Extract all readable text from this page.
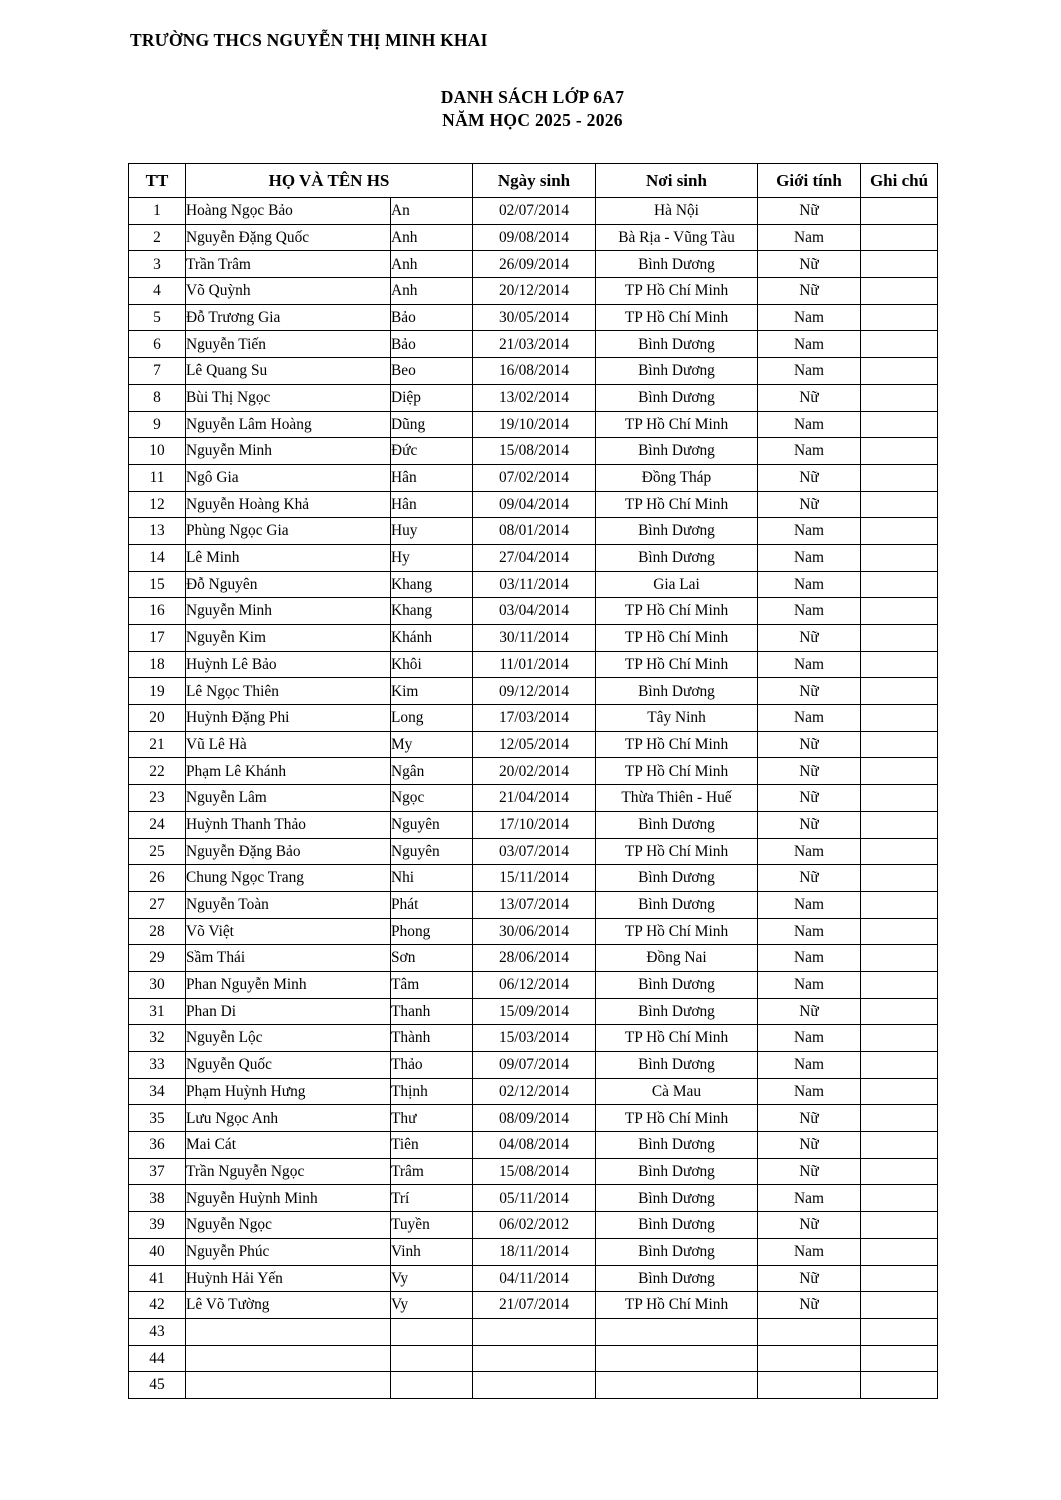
TRƯỜNG THCS NGUYỄN THỊ MINH KHAI
DANH SÁCH LỚP 6A7
NĂM HỌC 2025 - 2026
TT	HỌ VÀ TÊN HS		Ngày sinh	Nơi sinh	Giới tính	Ghi chú
1	Hoàng Ngọc Bảo	An	02/07/2014	Hà Nội	Nữ	
2	Nguyễn Đặng Quốc	Anh	09/08/2014	Bà Rịa - Vũng Tàu	Nam	
3	Trần Trâm	Anh	26/09/2014	Bình Dương	Nữ	
4	Võ Quỳnh	Anh	20/12/2014	TP Hồ Chí Minh	Nữ	
5	Đỗ Trương Gia	Bảo	30/05/2014	TP Hồ Chí Minh	Nam	
6	Nguyễn Tiến	Bảo	21/03/2014	Bình Dương	Nam	
7	Lê Quang Su	Beo	16/08/2014	Bình Dương	Nam	
8	Bùi Thị Ngọc	Diệp	13/02/2014	Bình Dương	Nữ	
9	Nguyễn Lâm Hoàng	Dũng	19/10/2014	TP Hồ Chí Minh	Nam	
10	Nguyễn Minh	Đức	15/08/2014	Bình Dương	Nam	
11	Ngô Gia	Hân	07/02/2014	Đồng Tháp	Nữ	
12	Nguyễn Hoàng Khả	Hân	09/04/2014	TP Hồ Chí Minh	Nữ	
13	Phùng Ngọc Gia	Huy	08/01/2014	Bình Dương	Nam	
14	Lê Minh	Hy	27/04/2014	Bình Dương	Nam	
15	Đỗ Nguyên	Khang	03/11/2014	Gia Lai	Nam	
16	Nguyễn Minh	Khang	03/04/2014	TP Hồ Chí Minh	Nam	
17	Nguyễn Kim	Khánh	30/11/2014	TP Hồ Chí Minh	Nữ	
18	Huỳnh Lê Bảo	Khôi	11/01/2014	TP Hồ Chí Minh	Nam	
19	Lê Ngọc Thiên	Kim	09/12/2014	Bình Dương	Nữ	
20	Huỳnh Đặng Phi	Long	17/03/2014	Tây Ninh	Nam	
21	Vũ Lê Hà	My	12/05/2014	TP Hồ Chí Minh	Nữ	
22	Phạm Lê Khánh	Ngân	20/02/2014	TP Hồ Chí Minh	Nữ	
23	Nguyễn Lâm	Ngọc	21/04/2014	Thừa Thiên - Huế	Nữ	
24	Huỳnh Thanh Thảo	Nguyên	17/10/2014	Bình Dương	Nữ	
25	Nguyễn Đặng Bảo	Nguyên	03/07/2014	TP Hồ Chí Minh	Nam	
26	Chung Ngọc Trang	Nhi	15/11/2014	Bình Dương	Nữ	
27	Nguyễn Toàn	Phát	13/07/2014	Bình Dương	Nam	
28	Võ Việt	Phong	30/06/2014	TP Hồ Chí Minh	Nam	
29	Sầm Thái	Sơn	28/06/2014	Đồng Nai	Nam	
30	Phan Nguyễn Minh	Tâm	06/12/2014	Bình Dương	Nam	
31	Phan Di	Thanh	15/09/2014	Bình Dương	Nữ	
32	Nguyễn Lộc	Thành	15/03/2014	TP Hồ Chí Minh	Nam	
33	Nguyễn Quốc	Thảo	09/07/2014	Bình Dương	Nam	
34	Phạm Huỳnh Hưng	Thịnh	02/12/2014	Cà Mau	Nam	
35	Lưu Ngọc Anh	Thư	08/09/2014	TP Hồ Chí Minh	Nữ	
36	Mai Cát	Tiên	04/08/2014	Bình Dương	Nữ	
37	Trần Nguyễn Ngọc	Trâm	15/08/2014	Bình Dương	Nữ	
38	Nguyễn Huỳnh Minh	Trí	05/11/2014	Bình Dương	Nam	
39	Nguyễn Ngọc	Tuyền	06/02/2012	Bình Dương	Nữ	
40	Nguyễn Phúc	Vinh	18/11/2014	Bình Dương	Nam	
41	Huỳnh Hải Yến	Vy	04/11/2014	Bình Dương	Nữ	
42	Lê Võ Tường	Vy	21/07/2014	TP Hồ Chí Minh	Nữ	
43						
44						
45						
